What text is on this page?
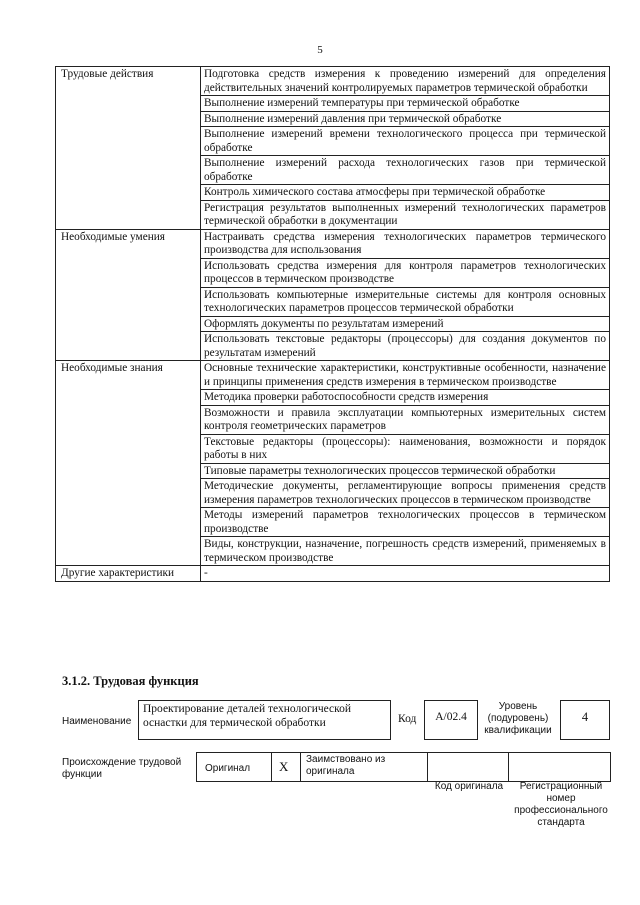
5
Трудовые действия	Подготовка средств измерения к проведению измерений для определения действительных значений контролируемых параметров термической обработки
	Выполнение измерений температуры при термической обработке
	Выполнение измерений давления при термической обработке
	Выполнение измерений времени технологического процесса при термической обработке
	Выполнение измерений расхода технологических газов при термической обработке
	Контроль химического состава атмосферы при термической обработке
	Регистрация результатов выполненных измерений технологических параметров термической обработки в документации
Необходимые умения	Настраивать средства измерения технологических параметров термического производства для использования
	Использовать средства измерения для контроля параметров технологических процессов в термическом производстве
	Использовать компьютерные измерительные системы для контроля основных технологических параметров процессов термической обработки
	Оформлять документы по результатам измерений
	Использовать текстовые редакторы (процессоры) для создания документов по результатам измерений
Необходимые знания	Основные технические характеристики, конструктивные особенности, назначение и принципы применения средств измерения в термическом производстве
	Методика проверки работоспособности средств измерения
	Возможности и правила эксплуатации компьютерных измерительных систем контроля геометрических параметров
	Текстовые редакторы (процессоры): наименования, возможности и порядок работы в них
	Типовые параметры технологических процессов термической обработки
	Методические документы, регламентирующие вопросы применения средств измерения параметров технологических процессов в термическом производстве
	Методы измерений параметров технологических процессов в термическом производстве
	Виды, конструкции, назначение, погрешность средств измерений, применяемых в термическом производстве
Другие характеристики	-
3.1.2. Трудовая функция
Наименование
Проектирование деталей технологической оснастки для термической обработки	Код	А/02.4
Уровень (подуровень) квалификации
4
Происхождение трудовой функции
Оригинал X Заимствовано из оригинала
Код оригинала	Регистрационный номер профессионального стандарта
